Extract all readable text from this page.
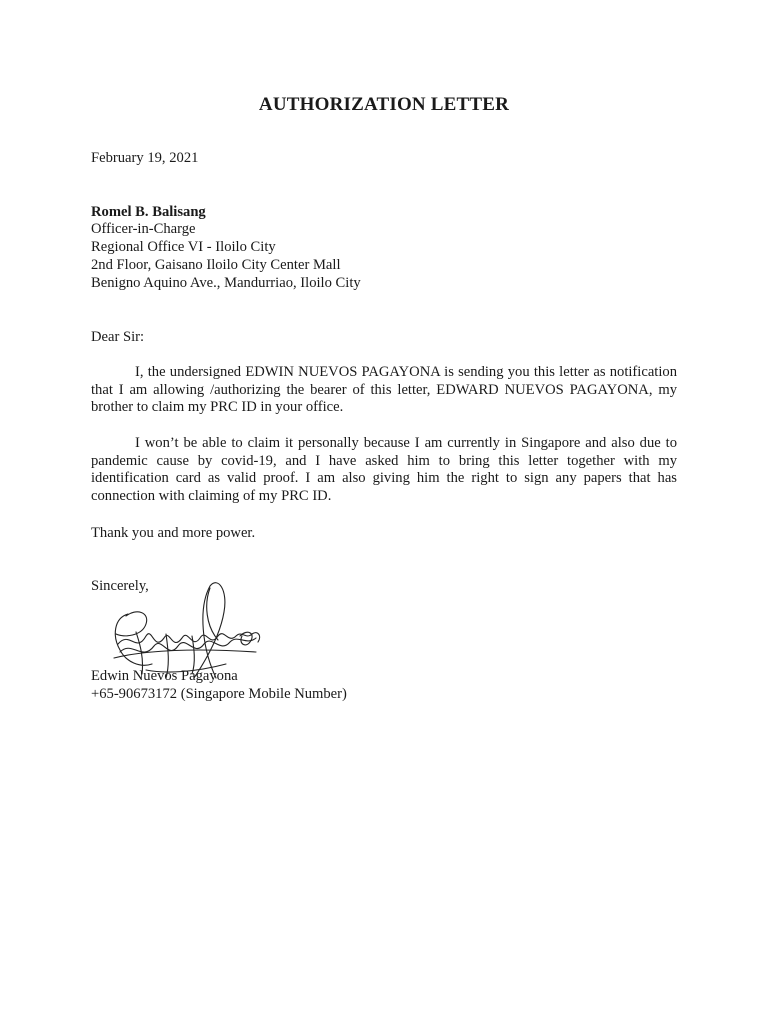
AUTHORIZATION LETTER
February 19, 2021
Romel B. Balisang
Officer-in-Charge
Regional Office VI - Iloilo City
2nd Floor, Gaisano Iloilo City Center Mall
Benigno Aquino Ave., Mandurriao, Iloilo City
Dear Sir:
I, the undersigned EDWIN NUEVOS PAGAYONA is sending you this letter as notification that I am allowing /authorizing the bearer of this letter, EDWARD NUEVOS PAGAYONA, my brother to claim my PRC ID in your office.
I won’t be able to claim it personally because I am currently in Singapore and also due to pandemic cause by covid-19, and I have asked him to bring this letter together with my identification card as valid proof. I am also giving him the right to sign any papers that has connection with claiming of my PRC ID.
Thank you and more power.
Sincerely,
Edwin Nuevos Pagayona
+65-90673172 (Singapore Mobile Number)
